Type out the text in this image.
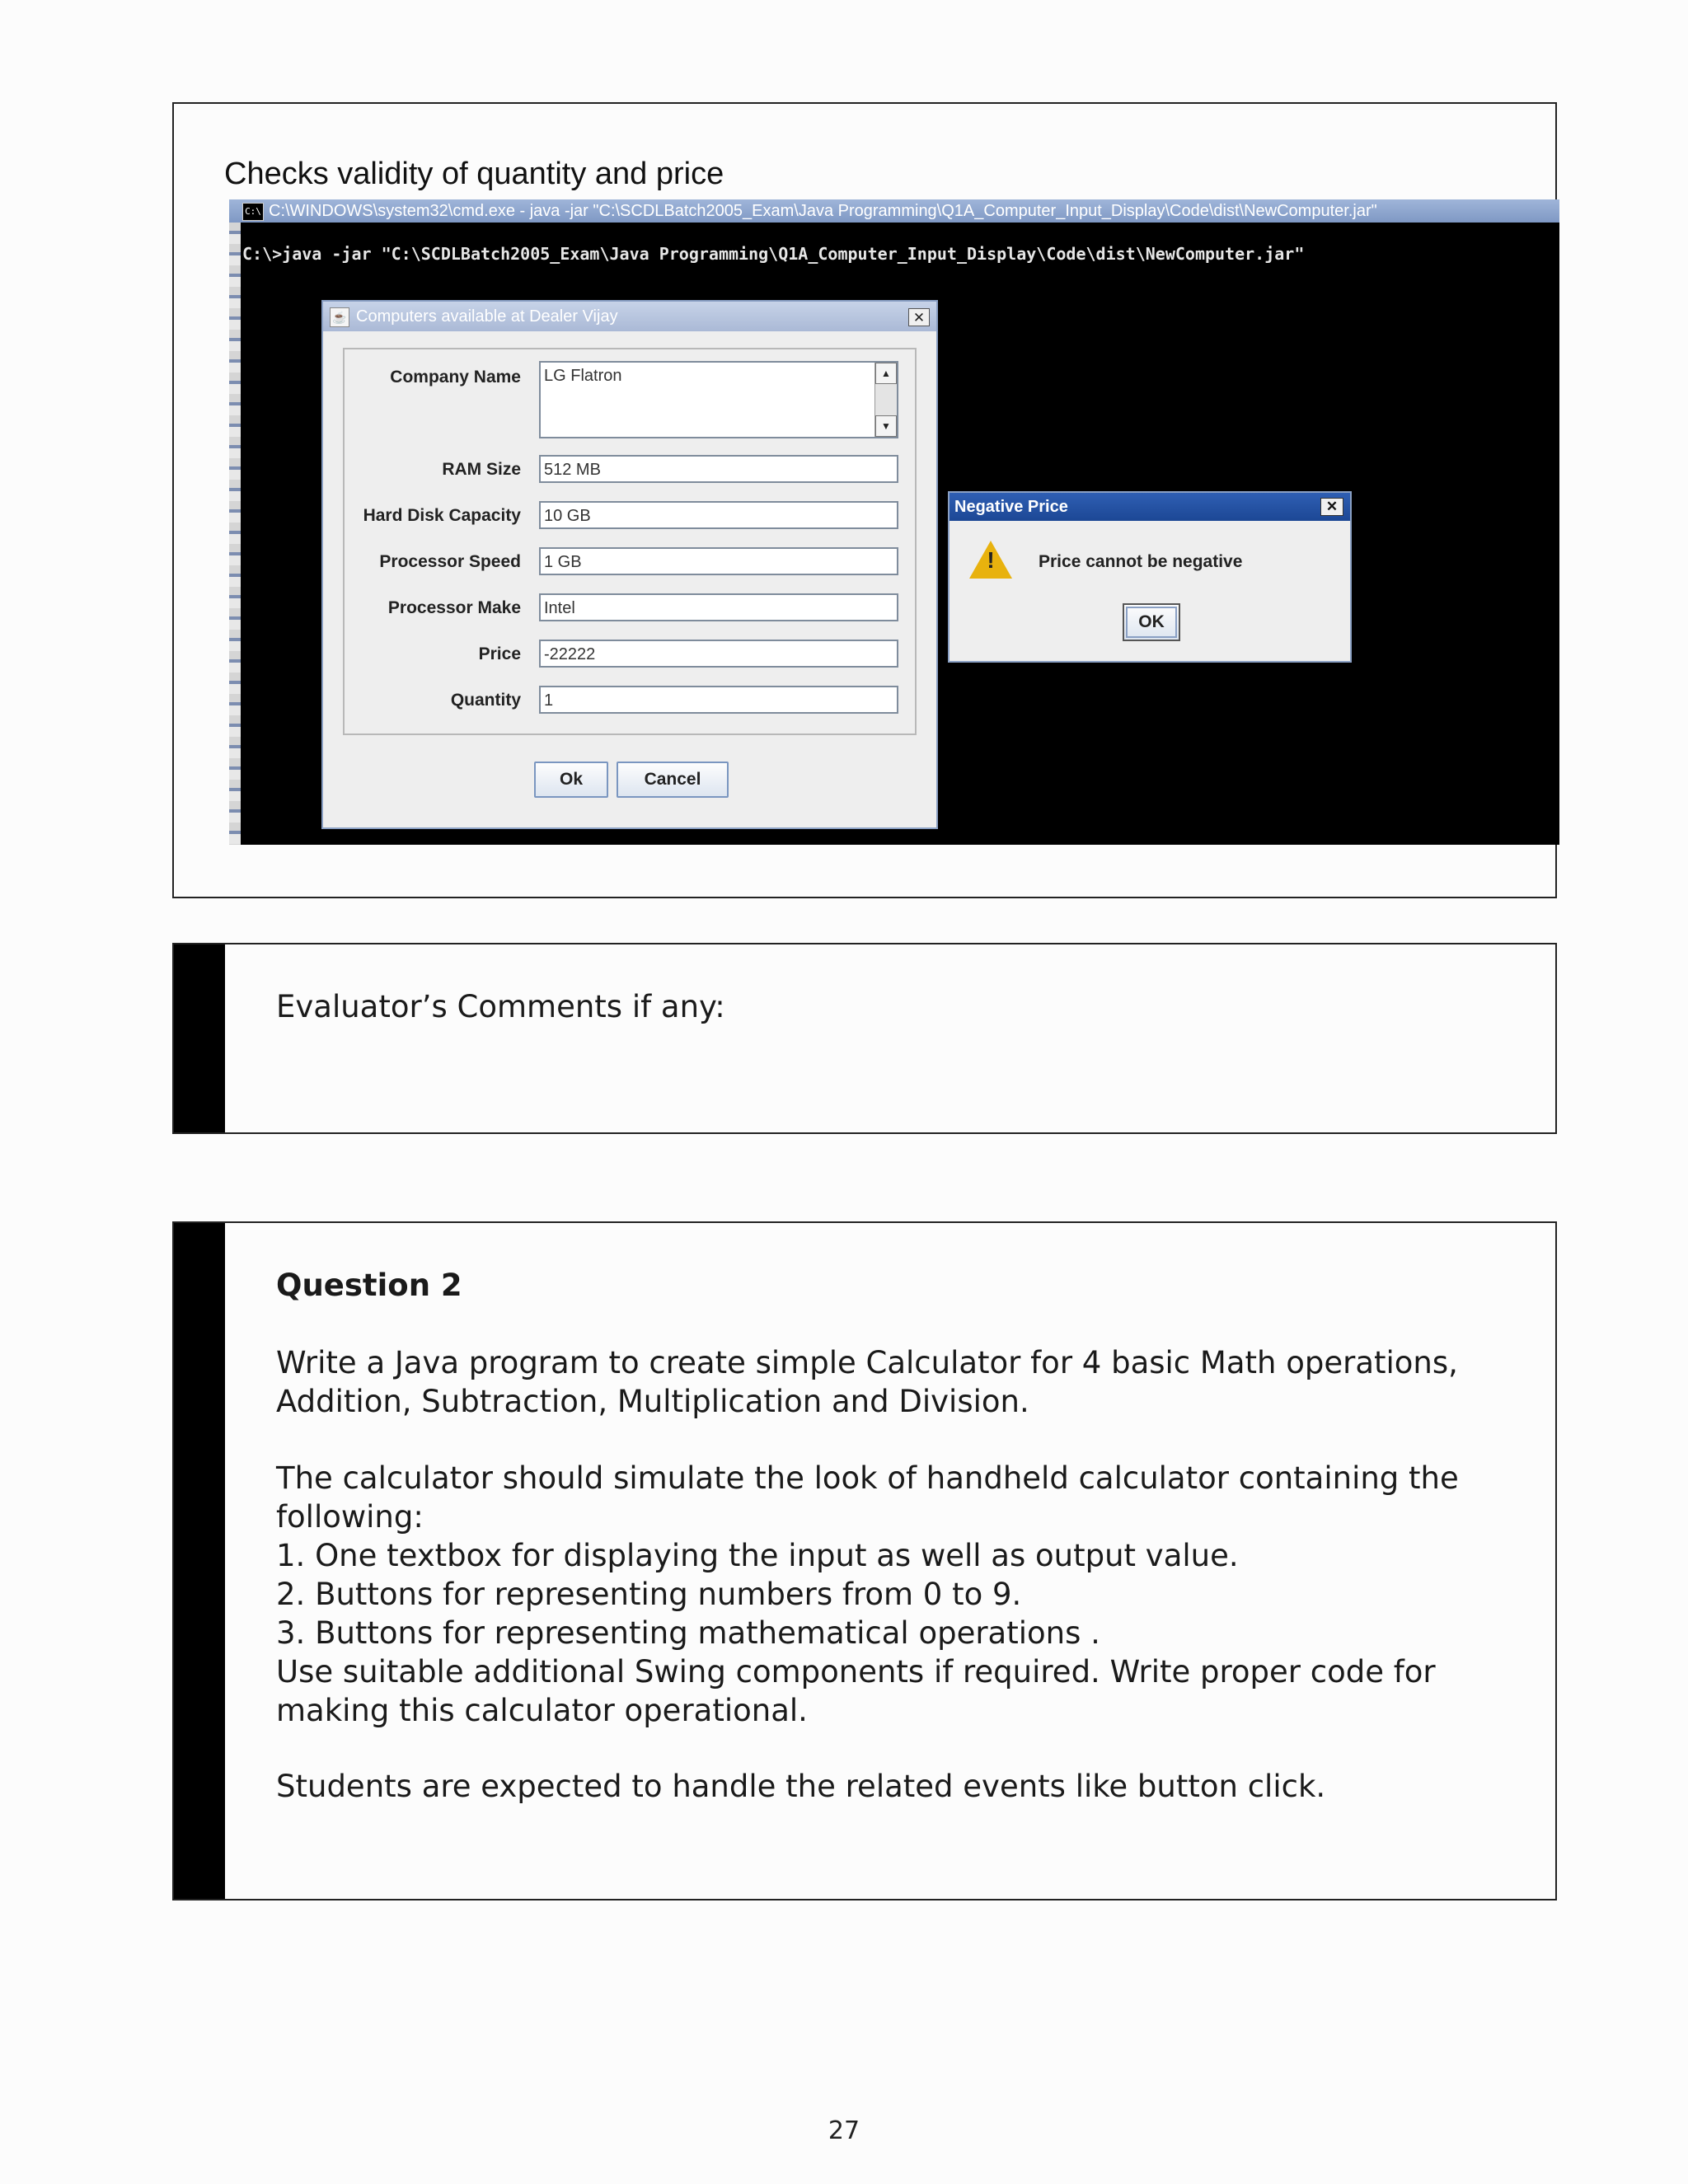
Checks validity of quantity and price
C:\ C:\WINDOWS\system32\cmd.exe - java -jar "C:\SCDLBatch2005_Exam\Java Programming\Q1A_Computer_Input_Display\Code\dist\NewComputer.jar"
C:\>java -jar "C:\SCDLBatch2005_Exam\Java Programming\Q1A_Computer_Input_Display\Code\dist\NewComputer.jar"
☕ Computers available at Dealer Vijay	✕
Company Name	LG Flatron	▲
▼
RAM Size	512 MB
Hard Disk Capacity	10 GB
Processor Speed	1 GB
Processor Make	Intel
Price	-22222
Quantity	1
Ok	Cancel
Negative Price	✕
!	Price cannot be negative
OK
Evaluator’s Comments if any:
Question 2
Write a Java program to create simple Calculator for 4 basic Math operations,
Addition, Subtraction, Multiplication and Division.
The calculator should simulate the look of handheld calculator containing the
following:
1. One textbox for displaying the input as well as output value.
2. Buttons for representing numbers from 0 to 9.
3. Buttons for representing mathematical operations .
Use suitable additional Swing components if required. Write proper code for
making this calculator operational.
Students are expected to handle the related events like button click.
27
